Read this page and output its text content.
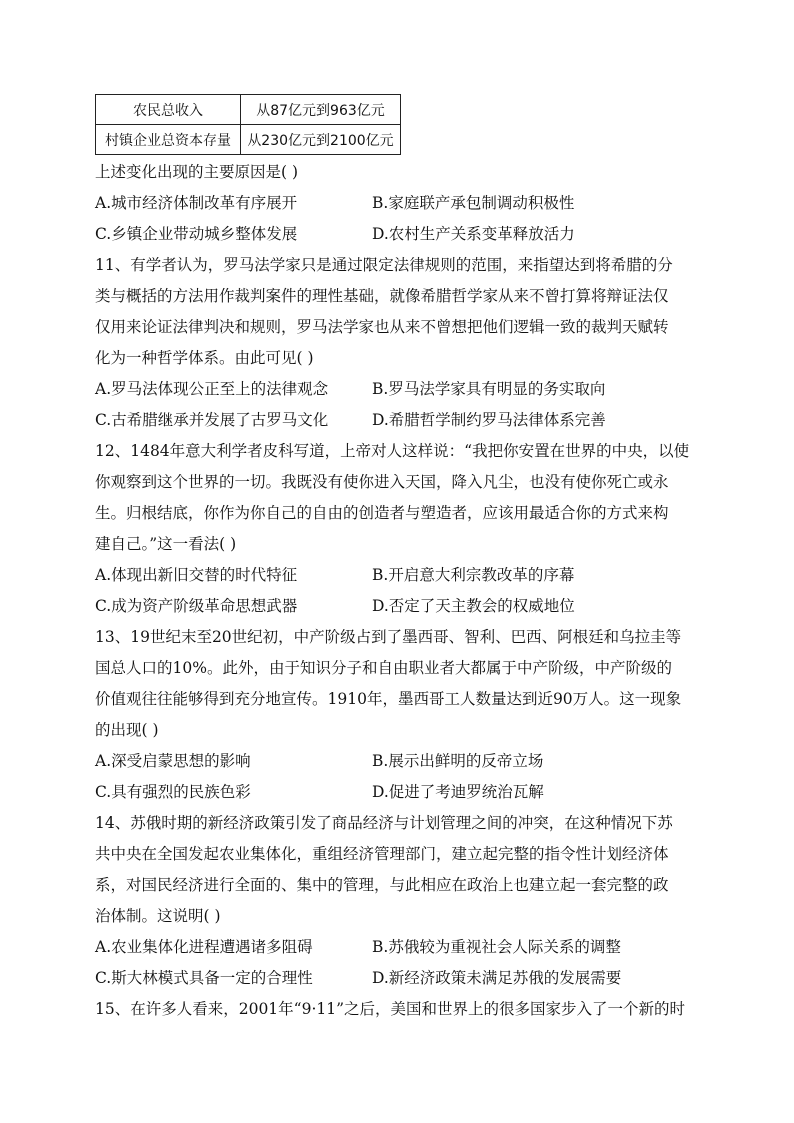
农民总收入	从87亿元到963亿元
村镇企业总资本存量	从230亿元到2100亿元
上述变化出现的主要原因是( )
A.城市经济体制改革有序展开	B.家庭联产承包制调动积极性
C.乡镇企业带动城乡整体发展	D.农村生产关系变革释放活力
11、有学者认为，罗马法学家只是通过限定法律规则的范围，来指望达到将希腊的分
类与概括的方法用作裁判案件的理性基础，就像希腊哲学家从来不曾打算将辩证法仅
仅用来论证法律判决和规则，罗马法学家也从来不曾想把他们逻辑一致的裁判天赋转
化为一种哲学体系。由此可见( )
A.罗马法体现公正至上的法律观念	B.罗马法学家具有明显的务实取向
C.古希腊继承并发展了古罗马文化	D.希腊哲学制约罗马法律体系完善
12、1484年意大利学者皮科写道，上帝对人这样说：“我把你安置在世界的中央，以使
你观察到这个世界的一切。我既没有使你进入天国，降入凡尘，也没有使你死亡或永
生。归根结底，你作为你自己的自由的创造者与塑造者，应该用最适合你的方式来构
建自己。”这一看法( )
A.体现出新旧交替的时代特征	B.开启意大利宗教改革的序幕
C.成为资产阶级革命思想武器	D.否定了天主教会的权威地位
13、19世纪末至20世纪初，中产阶级占到了墨西哥、智利、巴西、阿根廷和乌拉圭等
国总人口的10%。此外，由于知识分子和自由职业者大都属于中产阶级，中产阶级的
价值观往往能够得到充分地宣传。1910年，墨西哥工人数量达到近90万人。这一现象
的出现( )
A.深受启蒙思想的影响	B.展示出鲜明的反帝立场
C.具有强烈的民族色彩	D.促进了考迪罗统治瓦解
14、苏俄时期的新经济政策引发了商品经济与计划管理之间的冲突，在这种情况下苏
共中央在全国发起农业集体化，重组经济管理部门，建立起完整的指令性计划经济体
系，对国民经济进行全面的、集中的管理，与此相应在政治上也建立起一套完整的政
治体制。这说明( )
A.农业集体化进程遭遇诸多阻碍	B.苏俄较为重视社会人际关系的调整
C.斯大林模式具备一定的合理性	D.新经济政策未满足苏俄的发展需要
15、在许多人看来，2001年“9·11”之后，美国和世界上的很多国家步入了一个新的时
